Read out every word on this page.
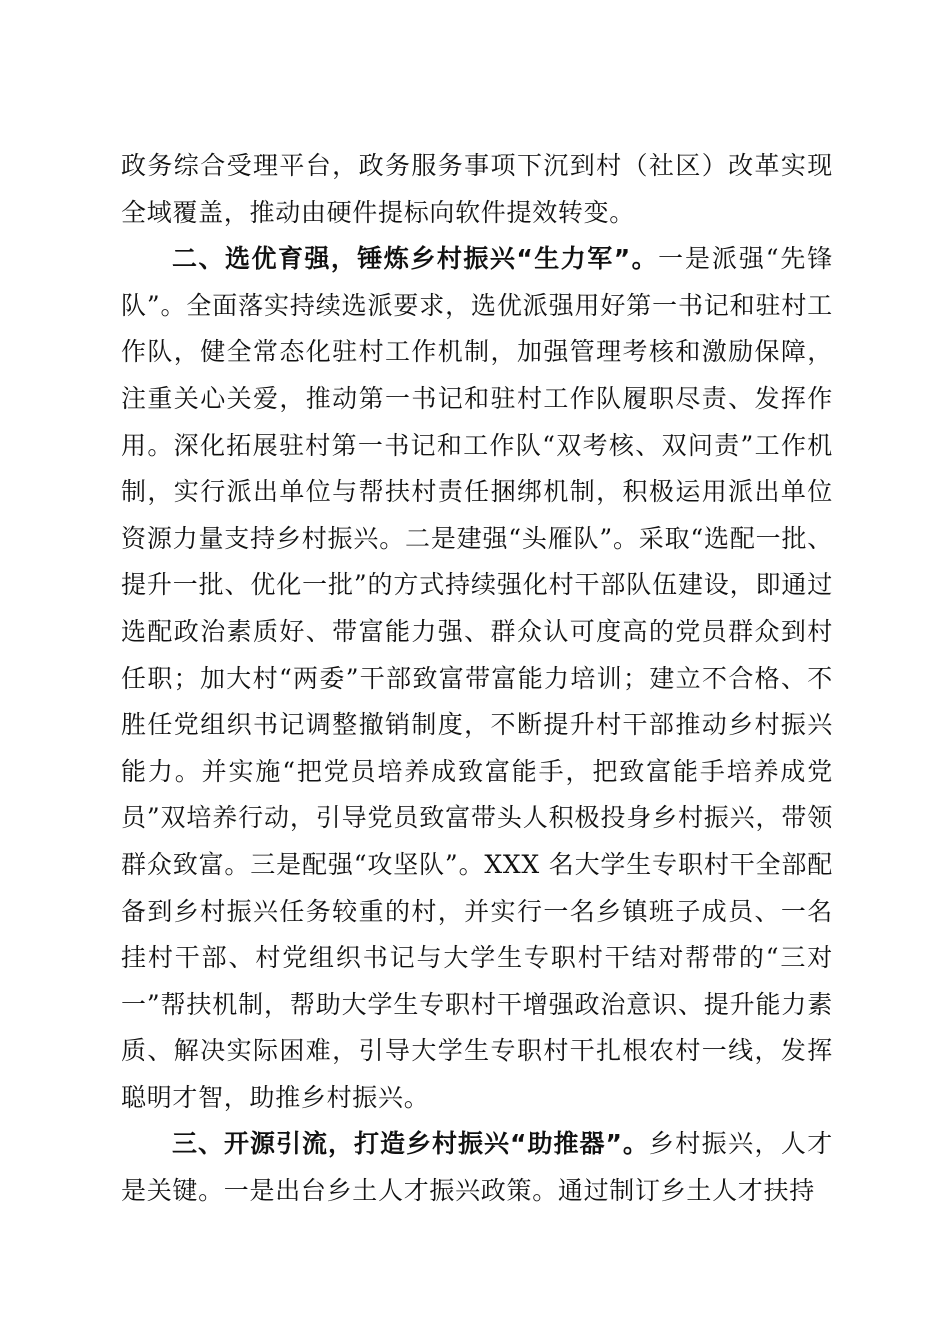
政务综合受理平台，政务服务事项下沉到村（社区）改革实现全域覆盖，推动由硬件提标向软件提效转变。

二、选优育强，锤炼乡村振兴“生力军”。一是派强“先锋队”。全面落实持续选派要求，选优派强用好第一书记和驻村工作队，健全常态化驻村工作机制，加强管理考核和激励保障，注重关心关爱，推动第一书记和驻村工作队履职尽责、发挥作用。深化拓展驻村第一书记和工作队“双考核、双问责”工作机制，实行派出单位与帮扶村责任捆绑机制，积极运用派出单位资源力量支持乡村振兴。二是建强“头雁队”。采取“选配一批、提升一批、优化一批”的方式持续强化村干部队伍建设，即通过选配政治素质好、带富能力强、群众认可度高的党员群众到村任职；加大村“两委”干部致富带富能力培训；建立不合格、不胜任党组织书记调整撤销制度，不断提升村干部推动乡村振兴能力。并实施“把党员培养成致富能手，把致富能手培养成党员”双培养行动，引导党员致富带头人积极投身乡村振兴，带领群众致富。三是配强“攻坚队”。XXX 名大学生专职村干全部配备到乡村振兴任务较重的村，并实行一名乡镇班子成员、一名挂村干部、村党组织书记与大学生专职村干结对帮带的“三对一”帮扶机制，帮助大学生专职村干增强政治意识、提升能力素质、解决实际困难，引导大学生专职村干扎根农村一线，发挥聪明才智，助推乡村振兴。

三、开源引流，打造乡村振兴“助推器”。乡村振兴，人才是关键。一是出台乡土人才振兴政策。通过制订乡土人才扶持
